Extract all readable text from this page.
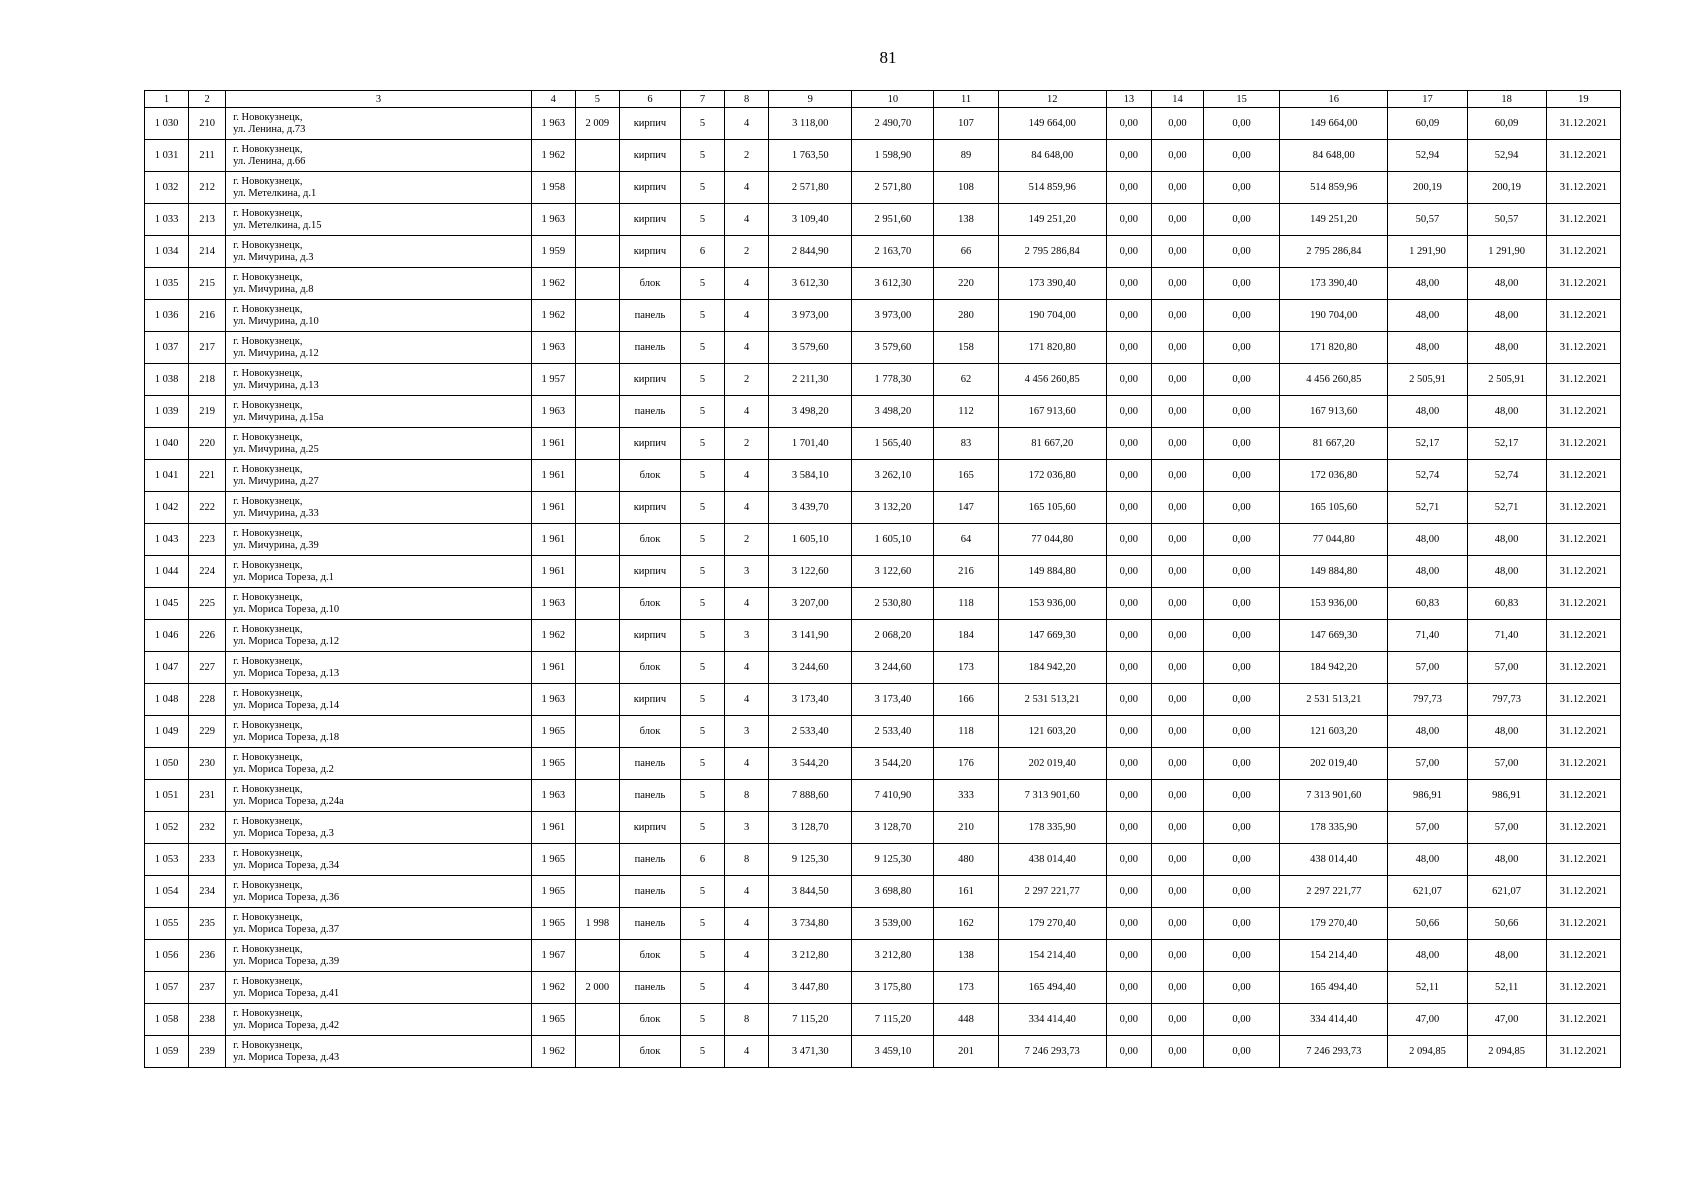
81
1	2	3	4	5	6	7	8	9	10	11	12	13	14	15	16	17	18	19
1 030	210	г. Новокузнецк,
ул. Ленина, д.73	1 963	2 009	кирпич	5	4	3 118,00	2 490,70	107	149 664,00	0,00	0,00	0,00	149 664,00	60,09	60,09	31.12.2021
1 031	211	г. Новокузнецк,
ул. Ленина, д.66	1 962		кирпич	5	2	1 763,50	1 598,90	89	84 648,00	0,00	0,00	0,00	84 648,00	52,94	52,94	31.12.2021
1 032	212	г. Новокузнецк,
ул. Метелкина, д.1	1 958		кирпич	5	4	2 571,80	2 571,80	108	514 859,96	0,00	0,00	0,00	514 859,96	200,19	200,19	31.12.2021
1 033	213	г. Новокузнецк,
ул. Метелкина, д.15	1 963		кирпич	5	4	3 109,40	2 951,60	138	149 251,20	0,00	0,00	0,00	149 251,20	50,57	50,57	31.12.2021
1 034	214	г. Новокузнецк,
ул. Мичурина, д.3	1 959		кирпич	6	2	2 844,90	2 163,70	66	2 795 286,84	0,00	0,00	0,00	2 795 286,84	1 291,90	1 291,90	31.12.2021
1 035	215	г. Новокузнецк,
ул. Мичурина, д.8	1 962		блок	5	4	3 612,30	3 612,30	220	173 390,40	0,00	0,00	0,00	173 390,40	48,00	48,00	31.12.2021
1 036	216	г. Новокузнецк,
ул. Мичурина, д.10	1 962		панель	5	4	3 973,00	3 973,00	280	190 704,00	0,00	0,00	0,00	190 704,00	48,00	48,00	31.12.2021
1 037	217	г. Новокузнецк,
ул. Мичурина, д.12	1 963		панель	5	4	3 579,60	3 579,60	158	171 820,80	0,00	0,00	0,00	171 820,80	48,00	48,00	31.12.2021
1 038	218	г. Новокузнецк,
ул. Мичурина, д.13	1 957		кирпич	5	2	2 211,30	1 778,30	62	4 456 260,85	0,00	0,00	0,00	4 456 260,85	2 505,91	2 505,91	31.12.2021
1 039	219	г. Новокузнецк,
ул. Мичурина, д.15а	1 963		панель	5	4	3 498,20	3 498,20	112	167 913,60	0,00	0,00	0,00	167 913,60	48,00	48,00	31.12.2021
1 040	220	г. Новокузнецк,
ул. Мичурина, д.25	1 961		кирпич	5	2	1 701,40	1 565,40	83	81 667,20	0,00	0,00	0,00	81 667,20	52,17	52,17	31.12.2021
1 041	221	г. Новокузнецк,
ул. Мичурина, д.27	1 961		блок	5	4	3 584,10	3 262,10	165	172 036,80	0,00	0,00	0,00	172 036,80	52,74	52,74	31.12.2021
1 042	222	г. Новокузнецк,
ул. Мичурина, д.33	1 961		кирпич	5	4	3 439,70	3 132,20	147	165 105,60	0,00	0,00	0,00	165 105,60	52,71	52,71	31.12.2021
1 043	223	г. Новокузнецк,
ул. Мичурина, д.39	1 961		блок	5	2	1 605,10	1 605,10	64	77 044,80	0,00	0,00	0,00	77 044,80	48,00	48,00	31.12.2021
1 044	224	г. Новокузнецк,
ул. Мориса Тореза, д.1	1 961		кирпич	5	3	3 122,60	3 122,60	216	149 884,80	0,00	0,00	0,00	149 884,80	48,00	48,00	31.12.2021
1 045	225	г. Новокузнецк,
ул. Мориса Тореза, д.10	1 963		блок	5	4	3 207,00	2 530,80	118	153 936,00	0,00	0,00	0,00	153 936,00	60,83	60,83	31.12.2021
1 046	226	г. Новокузнецк,
ул. Мориса Тореза, д.12	1 962		кирпич	5	3	3 141,90	2 068,20	184	147 669,30	0,00	0,00	0,00	147 669,30	71,40	71,40	31.12.2021
1 047	227	г. Новокузнецк,
ул. Мориса Тореза, д.13	1 961		блок	5	4	3 244,60	3 244,60	173	184 942,20	0,00	0,00	0,00	184 942,20	57,00	57,00	31.12.2021
1 048	228	г. Новокузнецк,
ул. Мориса Тореза, д.14	1 963		кирпич	5	4	3 173,40	3 173,40	166	2 531 513,21	0,00	0,00	0,00	2 531 513,21	797,73	797,73	31.12.2021
1 049	229	г. Новокузнецк,
ул. Мориса Тореза, д.18	1 965		блок	5	3	2 533,40	2 533,40	118	121 603,20	0,00	0,00	0,00	121 603,20	48,00	48,00	31.12.2021
1 050	230	г. Новокузнецк,
ул. Мориса Тореза, д.2	1 965		панель	5	4	3 544,20	3 544,20	176	202 019,40	0,00	0,00	0,00	202 019,40	57,00	57,00	31.12.2021
1 051	231	г. Новокузнецк,
ул. Мориса Тореза, д.24а	1 963		панель	5	8	7 888,60	7 410,90	333	7 313 901,60	0,00	0,00	0,00	7 313 901,60	986,91	986,91	31.12.2021
1 052	232	г. Новокузнецк,
ул. Мориса Тореза, д.3	1 961		кирпич	5	3	3 128,70	3 128,70	210	178 335,90	0,00	0,00	0,00	178 335,90	57,00	57,00	31.12.2021
1 053	233	г. Новокузнецк,
ул. Мориса Тореза, д.34	1 965		панель	6	8	9 125,30	9 125,30	480	438 014,40	0,00	0,00	0,00	438 014,40	48,00	48,00	31.12.2021
1 054	234	г. Новокузнецк,
ул. Мориса Тореза, д.36	1 965		панель	5	4	3 844,50	3 698,80	161	2 297 221,77	0,00	0,00	0,00	2 297 221,77	621,07	621,07	31.12.2021
1 055	235	г. Новокузнецк,
ул. Мориса Тореза, д.37	1 965	1 998	панель	5	4	3 734,80	3 539,00	162	179 270,40	0,00	0,00	0,00	179 270,40	50,66	50,66	31.12.2021
1 056	236	г. Новокузнецк,
ул. Мориса Тореза, д.39	1 967		блок	5	4	3 212,80	3 212,80	138	154 214,40	0,00	0,00	0,00	154 214,40	48,00	48,00	31.12.2021
1 057	237	г. Новокузнецк,
ул. Мориса Тореза, д.41	1 962	2 000	панель	5	4	3 447,80	3 175,80	173	165 494,40	0,00	0,00	0,00	165 494,40	52,11	52,11	31.12.2021
1 058	238	г. Новокузнецк,
ул. Мориса Тореза, д.42	1 965		блок	5	8	7 115,20	7 115,20	448	334 414,40	0,00	0,00	0,00	334 414,40	47,00	47,00	31.12.2021
1 059	239	г. Новокузнецк,
ул. Мориса Тореза, д.43	1 962		блок	5	4	3 471,30	3 459,10	201	7 246 293,73	0,00	0,00	0,00	7 246 293,73	2 094,85	2 094,85	31.12.2021
